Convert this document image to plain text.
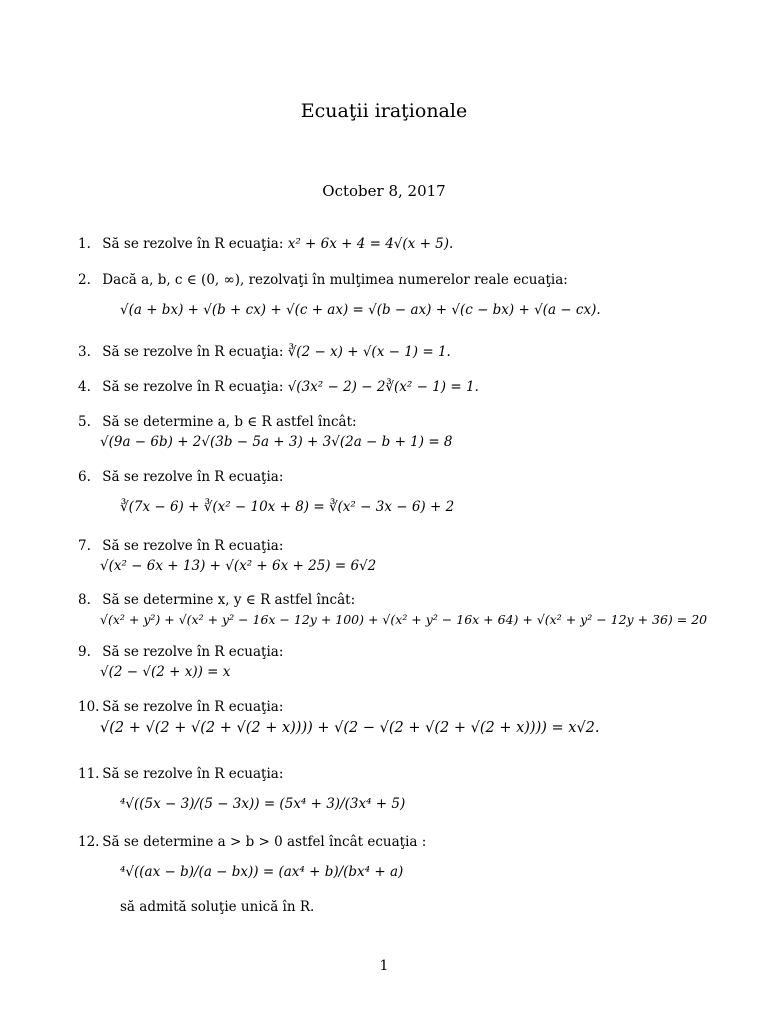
Ecuaţii iraţionale
October 8, 2017
1. Să se rezolve în R ecuaţia: x² + 6x + 4 = 4√(x + 5).
2. Dacă a, b, c ∈ (0, ∞), rezolvaţi în mulţimea numerelor reale ecuaţia:
√(a + bx) + √(b + cx) + √(c + ax) = √(b − ax) + √(c − bx) + √(a − cx).
3. Să se rezolve în R ecuaţia: ∛(2 − x) + √(x − 1) = 1.
4. Să se rezolve în R ecuaţia: √(3x² − 2) − 2∛(x² − 1) = 1.
5. Să se determine a, b ∈ R astfel încât:
√(9a − 6b) + 2√(3b − 5a + 3) + 3√(2a − b + 1) = 8
6. Să se rezolve în R ecuaţia:
∛(7x − 6) + ∛(x² − 10x + 8) = ∛(x² − 3x − 6) + 2
7. Să se rezolve în R ecuaţia:
√(x² − 6x + 13) + √(x² + 6x + 25) = 6√2
8. Să se determine x, y ∈ R astfel încât:
√(x² + y²) + √(x² + y² − 16x − 12y + 100) + √(x² + y² − 16x + 64) + √(x² + y² − 12y + 36) = 20
9. Să se rezolve în R ecuaţia:
√(2 − √(2 + x)) = x
10. Să se rezolve în R ecuaţia:
√(2 + √(2 + √(2 + √(2 + x)))) + √(2 − √(2 + √(2 + √(2 + x)))) = x√2.
11. Să se rezolve în R ecuaţia:
⁴√((5x − 3)/(5 − 3x)) = (5x⁴ + 3)/(3x⁴ + 5)
12. Să se determine a > b > 0 astfel încât ecuaţia :
⁴√((ax − b)/(a − bx)) = (ax⁴ + b)/(bx⁴ + a)
să admită soluţie unică în R.
1
